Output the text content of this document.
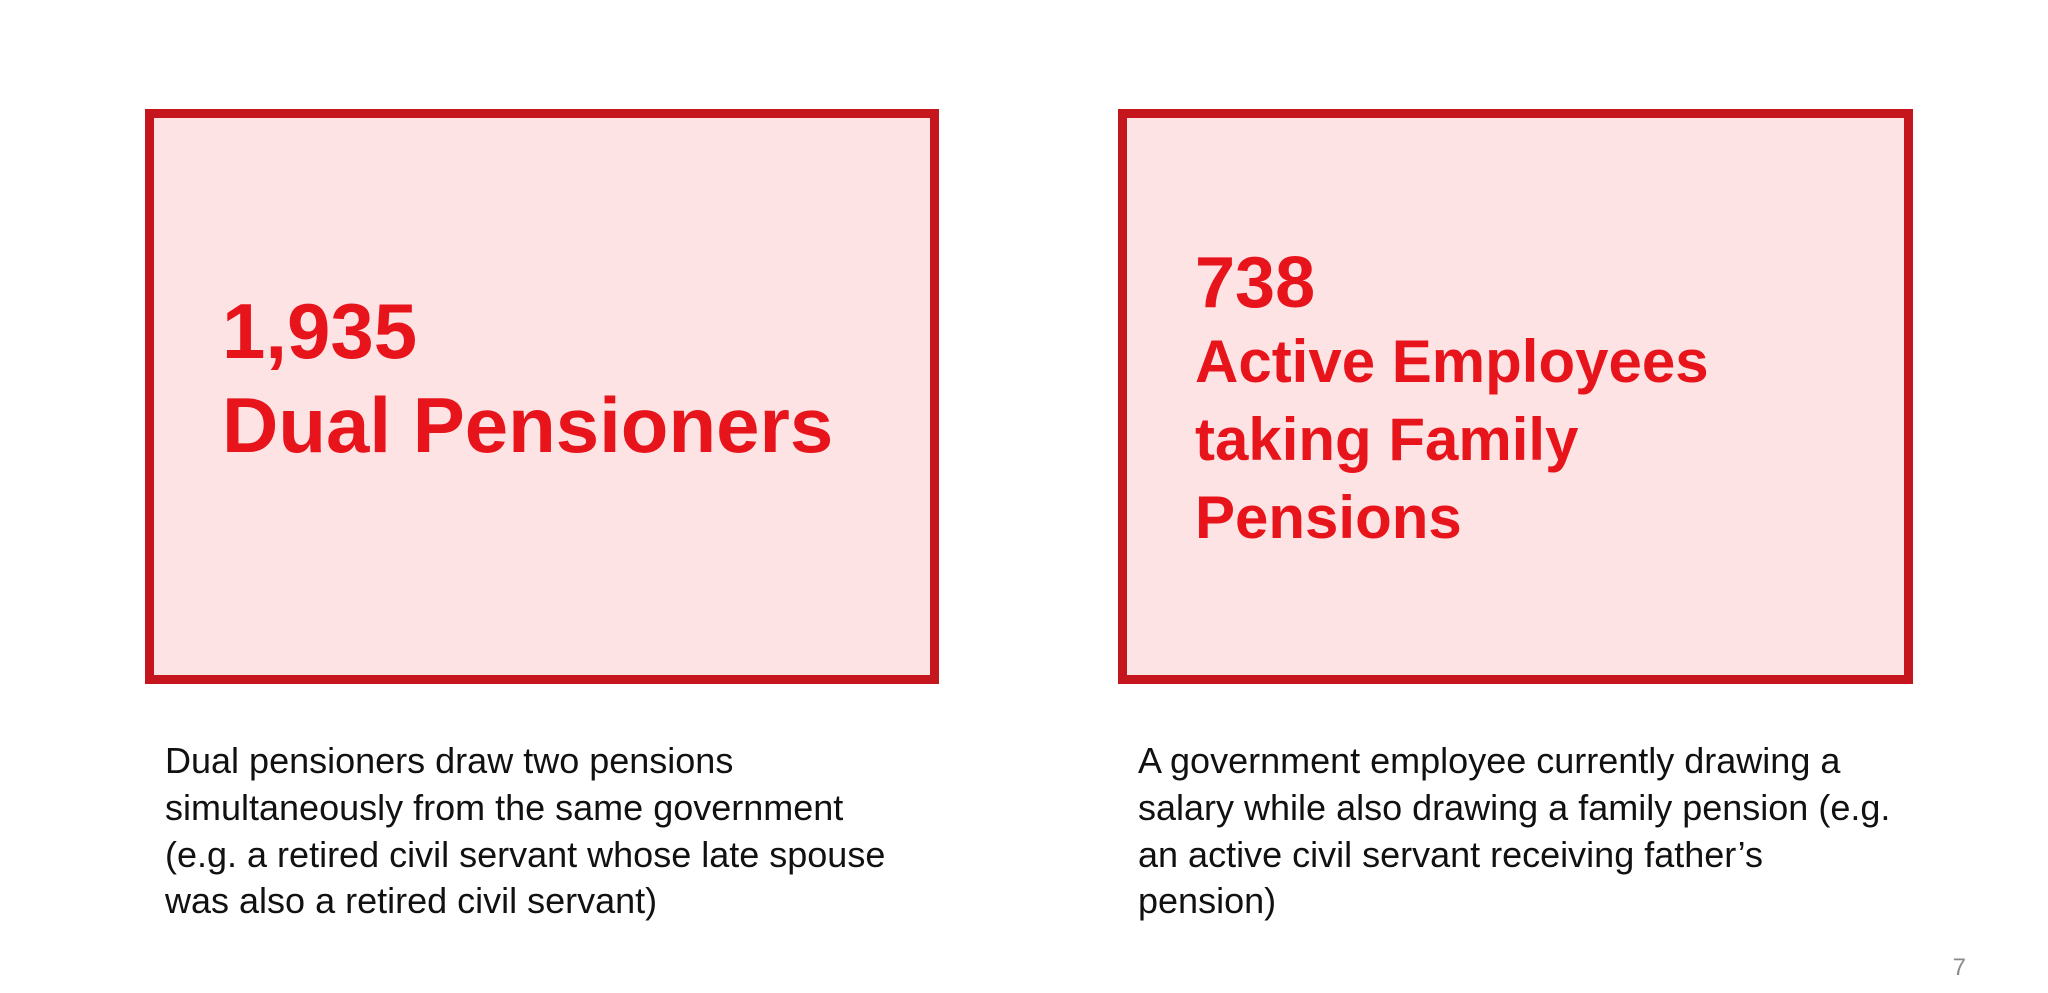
1,935
Dual Pensioners
738
Active Employees taking Family Pensions

Dual pensioners draw two pensions simultaneously from the same government (e.g. a retired civil servant whose late spouse was also a retired civil servant)

A government employee currently drawing a salary while also drawing a family pension (e.g. an active civil servant receiving father’s pension)

7
